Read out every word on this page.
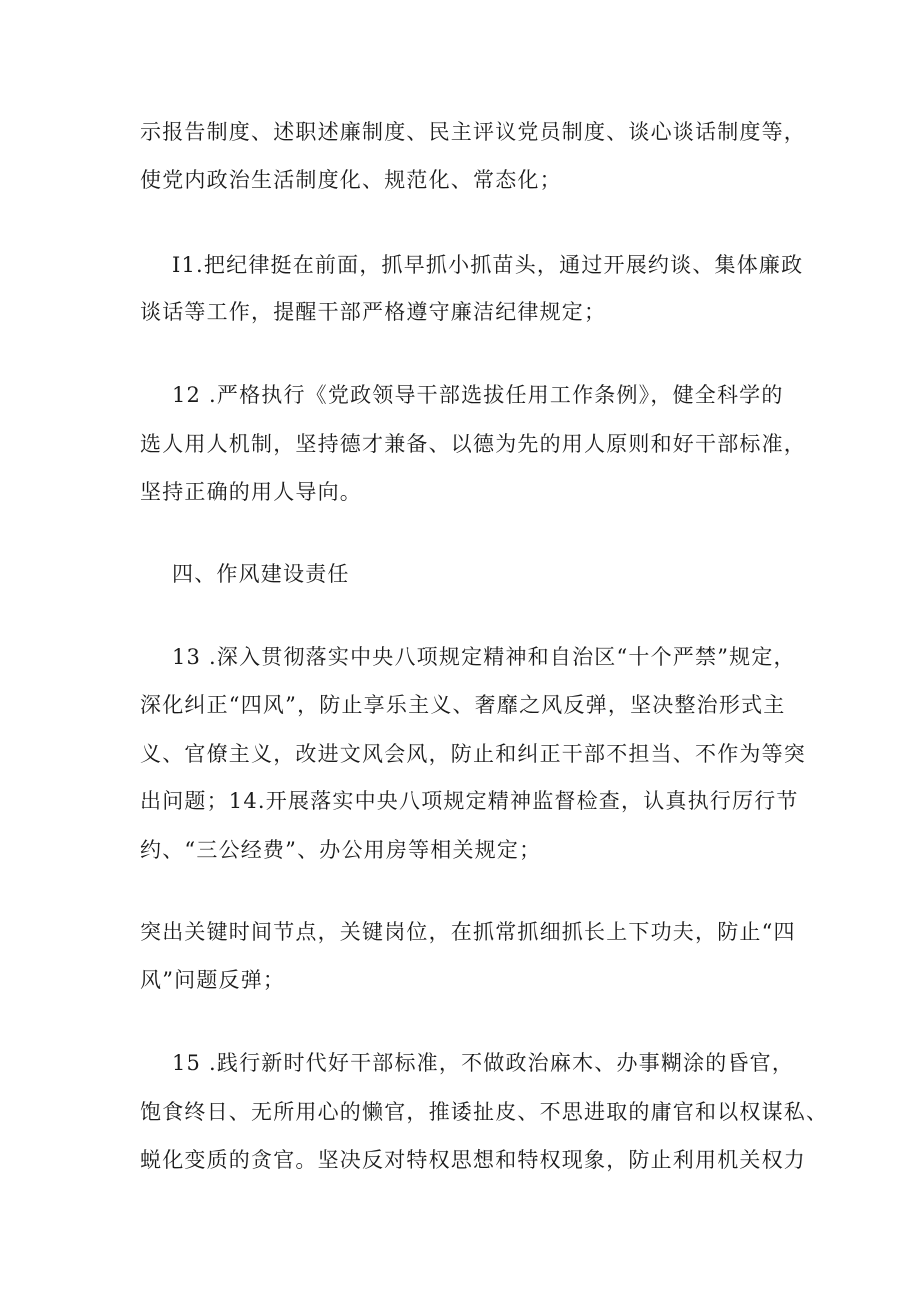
示报告制度、述职述廉制度、民主评议党员制度、谈心谈话制度等，
使党内政治生活制度化、规范化、常态化；
I1.把纪律挺在前面，抓早抓小抓苗头，通过开展约谈、集体廉政
谈话等工作，提醒干部严格遵守廉洁纪律规定；
12 .严格执行《党政领导干部选拔任用工作条例》，健全科学的
选人用人机制，坚持德才兼备、以德为先的用人原则和好干部标准，
坚持正确的用人导向。
四、作风建设责任
13 .深入贯彻落实中央八项规定精神和自治区“十个严禁”规定，
深化纠正“四风”，防止享乐主义、奢靡之风反弹，坚决整治形式主
义、官僚主义，改进文风会风，防止和纠正干部不担当、不作为等突
出问题；14.开展落实中央八项规定精神监督检查，认真执行厉行节
约、“三公经费”、办公用房等相关规定；
突出关键时间节点，关键岗位，在抓常抓细抓长上下功夫，防止“四
风”问题反弹；
15 .践行新时代好干部标准，不做政治麻木、办事糊涂的昏官，
饱食终日、无所用心的懒官，推诿扯皮、不思进取的庸官和以权谋私、
蜕化变质的贪官。坚决反对特权思想和特权现象，防止利用机关权力
